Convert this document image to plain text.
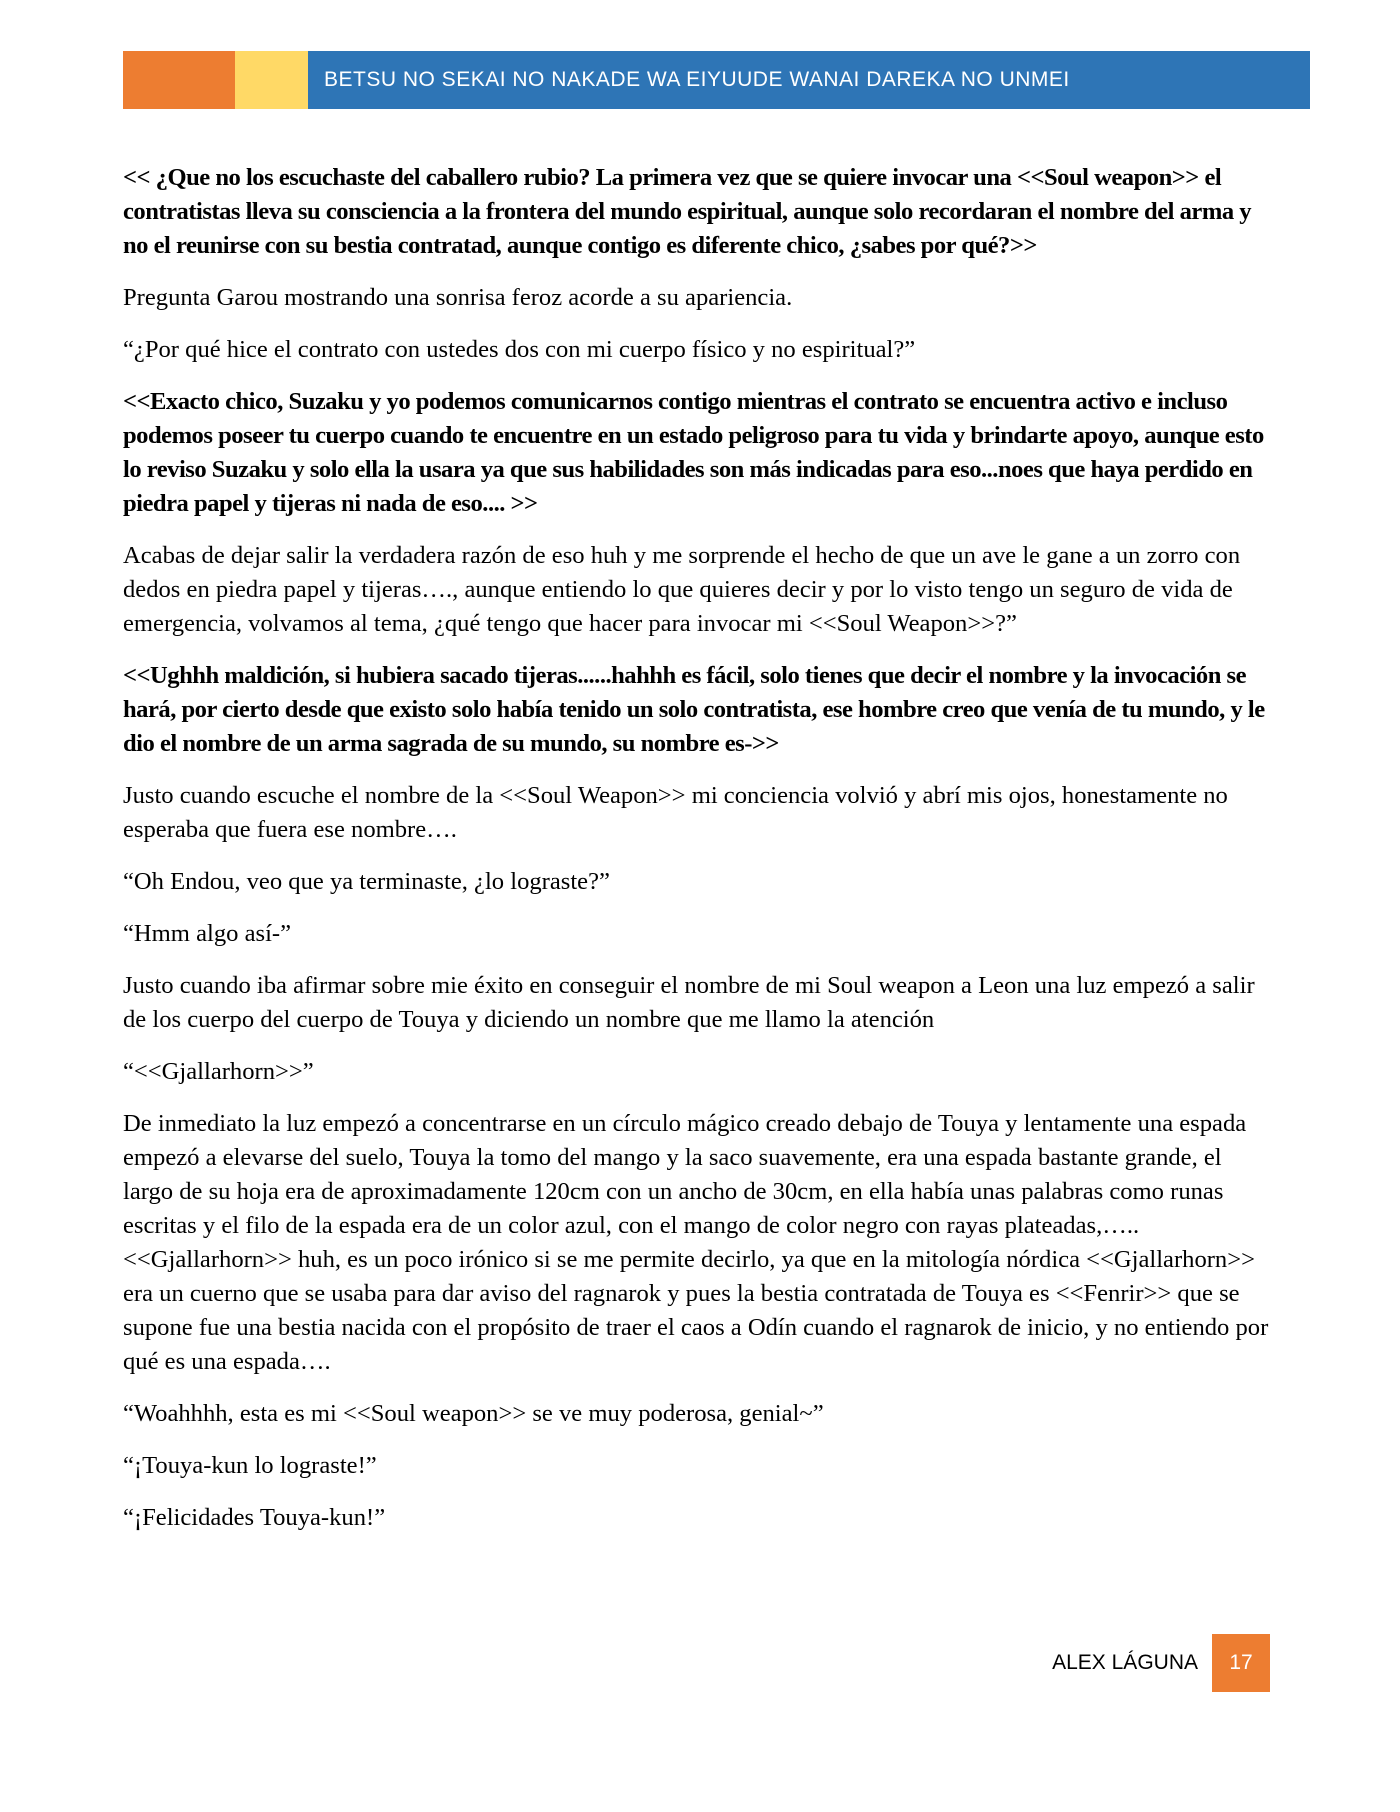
BETSU NO SEKAI NO NAKADE WA EIYUUDE WANAI DAREKA NO UNMEI

<< ¿Que no los escuchaste del caballero rubio? La primera vez que se quiere invocar una <<Soul weapon>> el contratistas lleva su consciencia a la frontera del mundo espiritual, aunque solo recordaran el nombre del arma y no el reunirse con su bestia contratad, aunque contigo es diferente chico, ¿sabes por qué?>>

Pregunta Garou mostrando una sonrisa feroz acorde a su apariencia.

“¿Por qué hice el contrato con ustedes dos con mi cuerpo físico y no espiritual?”

<<Exacto chico, Suzaku y yo podemos comunicarnos contigo mientras el contrato se encuentra activo e incluso podemos poseer tu cuerpo cuando te encuentre en un estado peligroso para tu vida y brindarte apoyo, aunque esto lo reviso Suzaku y solo ella la usara ya que sus habilidades son más indicadas para eso...noes que haya perdido en piedra papel y tijeras ni nada de eso.... >>

Acabas de dejar salir la verdadera razón de eso huh y me sorprende el hecho de que un ave le gane a un zorro con dedos en piedra papel y tijeras…., aunque entiendo lo que quieres decir y por lo visto tengo un seguro de vida de emergencia, volvamos al tema, ¿qué tengo que hacer para invocar mi <<Soul Weapon>>?”

<<Ughhh maldición, si hubiera sacado tijeras......hahhh es fácil, solo tienes que decir el nombre y la invocación se hará, por cierto desde que existo solo había tenido un solo contratista, ese hombre creo que venía de tu mundo, y le dio el nombre de un arma sagrada de su mundo, su nombre es->>

Justo cuando escuche el nombre de la <<Soul Weapon>> mi conciencia volvió y abrí mis ojos, honestamente no esperaba que fuera ese nombre….

“Oh Endou, veo que ya terminaste, ¿lo lograste?”

“Hmm algo así-”

Justo cuando iba afirmar sobre mie éxito en conseguir el nombre de mi Soul weapon a Leon una luz empezó a salir de los cuerpo del cuerpo de Touya y diciendo un nombre que me llamo la atención

“<<Gjallarhorn>>”

De inmediato la luz empezó a concentrarse en un círculo mágico creado debajo de Touya y lentamente una espada empezó a elevarse del suelo, Touya la tomo del mango y la saco suavemente, era una espada bastante grande, el largo de su hoja era de aproximadamente 120cm con un ancho de 30cm, en ella había unas palabras como runas escritas y el filo de la espada era de un color azul, con el mango de color negro con rayas plateadas,….. <<Gjallarhorn>> huh, es un poco irónico si se me permite decirlo, ya que en la mitología nórdica <<Gjallarhorn>> era un cuerno que se usaba para dar aviso del ragnarok y pues la bestia contratada de Touya es <<Fenrir>> que se supone fue una bestia nacida con el propósito de traer el caos a Odín cuando el ragnarok de inicio, y no entiendo por qué es una espada….

“Woahhhh, esta es mi <<Soul weapon>> se ve muy poderosa, genial~”

“¡Touya-kun lo lograste!”

“¡Felicidades Touya-kun!”

ALEX LÁGUNA	17
